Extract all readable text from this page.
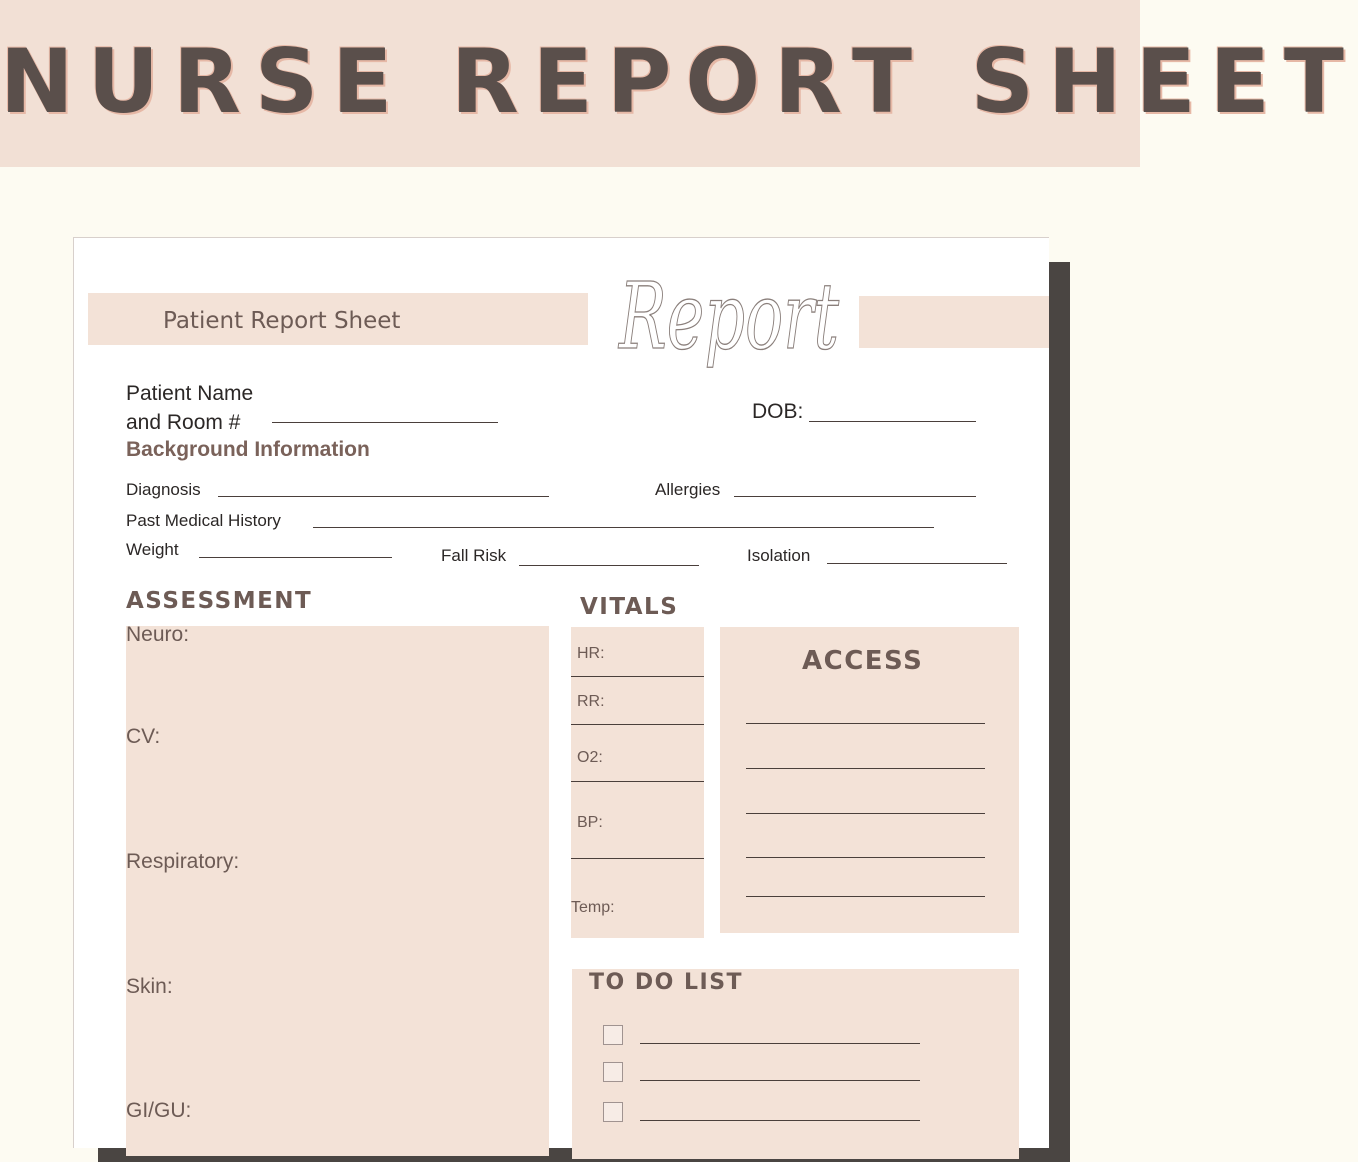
NURSE REPORT SHEET
Patient Report Sheet Report
Patient Name
and Room #	DOB:
Background Information
Diagnosis	Allergies
Past Medical History
Weight	Fall Risk	Isolation
ASSESSMENT
Neuro:
CV:
Respiratory:
Skin:
GI/GU:
VITALS
HR:
RR:
O2:
BP:
Temp:
ACCESS
TO DO LIST
